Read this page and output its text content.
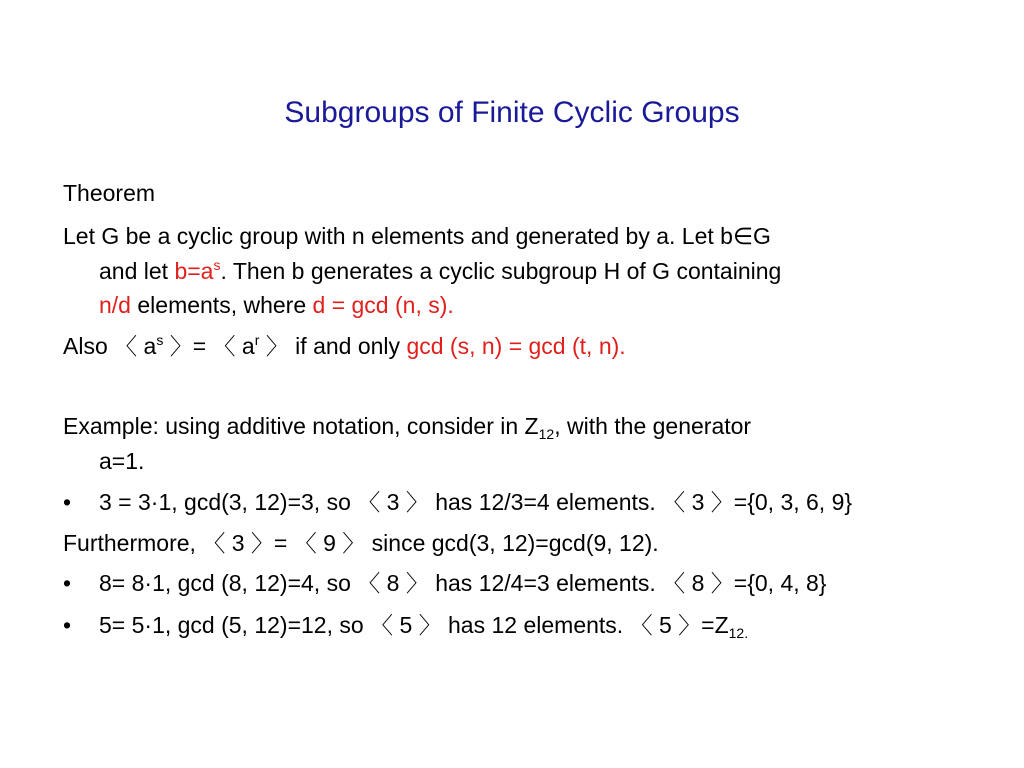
Subgroups of Finite Cyclic Groups
Theorem
Let G be a cyclic group with n elements and generated by a. Let b∈G
and let $b=a^s$. Then b generates a cyclic subgroup H of G containing
n/d elements, where d = gcd (n, s).
Also 〈 $a^s$ 〉= 〈 $a^r$ 〉 if and only gcd (s, n) = gcd (t, n).
Example: using additive notation, consider in $Z_{12}$, with the generator
a=1.
• 3 = 3·1, gcd(3, 12)=3, so 〈 3 〉 has 12/3=4 elements. 〈 3 〉={0, 3, 6, 9}
Furthermore, 〈 3 〉= 〈 9 〉 since gcd(3, 12)=gcd(9, 12).
• 8= 8·1, gcd (8, 12)=4, so 〈 8 〉 has 12/4=3 elements. 〈 8 〉={0, 4, 8}
• 5= 5·1, gcd (5, 12)=12, so 〈 5 〉 has 12 elements. 〈 5 〉$=Z_{12.}$
